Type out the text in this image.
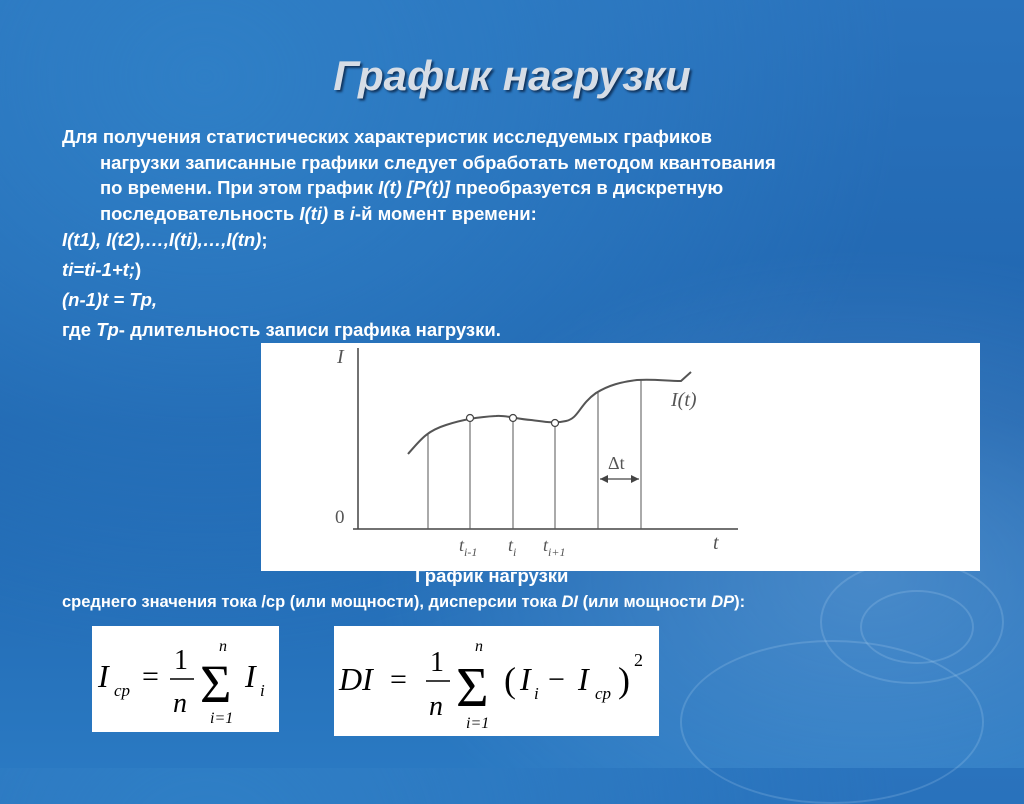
График нагрузки
Для получения статистических характеристик исследуемых графиков
нагрузки записанные графики следует обработать методом квантования
по времени. При этом график I(t) [P(t)] преобразуется в дискретную
последовательность I(ti) в i-й момент времени:
I(t1), I(t2),…,I(ti),…,I(tn);
ti=ti-1+t;)
(n-1)t = Tp,
где Tp- длительность записи графика нагрузки.
I
0
I(t)
Δt
t
$t_{i-1}$ $t_i$ $t_{i+1}$
График нагрузки
среднего значения тока /ср (или мощности), дисперсии тока DI (или мощности DP):
I cp = 1
n
n
Σ
i=1
I i DI =
1
n
n
Σ
i=1
( I i − I cp ) 2
